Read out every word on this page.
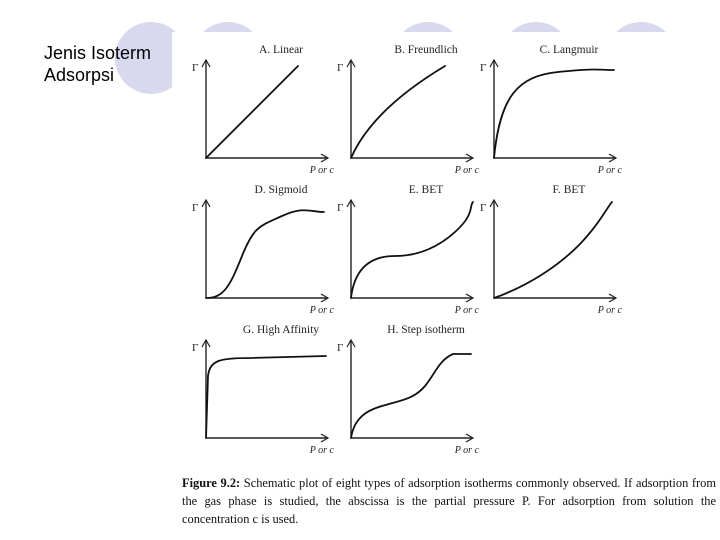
Jenis Isoterm
Adsorpsi
A. Linear
Γ
P or c
B. Freundlich
Γ
P or c
C. Langmuir
Γ
P or c
D. Sigmoid
Γ
P or c
E. BET
Γ
P or c
F. BET
Γ
P or c
G. High Affinity
Γ
P or c
H. Step isotherm
Γ
P or c
Figure 9.2: Schematic plot of eight types of adsorption isotherms commonly observed. If adsorption from the gas phase is studied, the abscissa is the partial pressure P. For adsorption from solution the concentration c is used.
